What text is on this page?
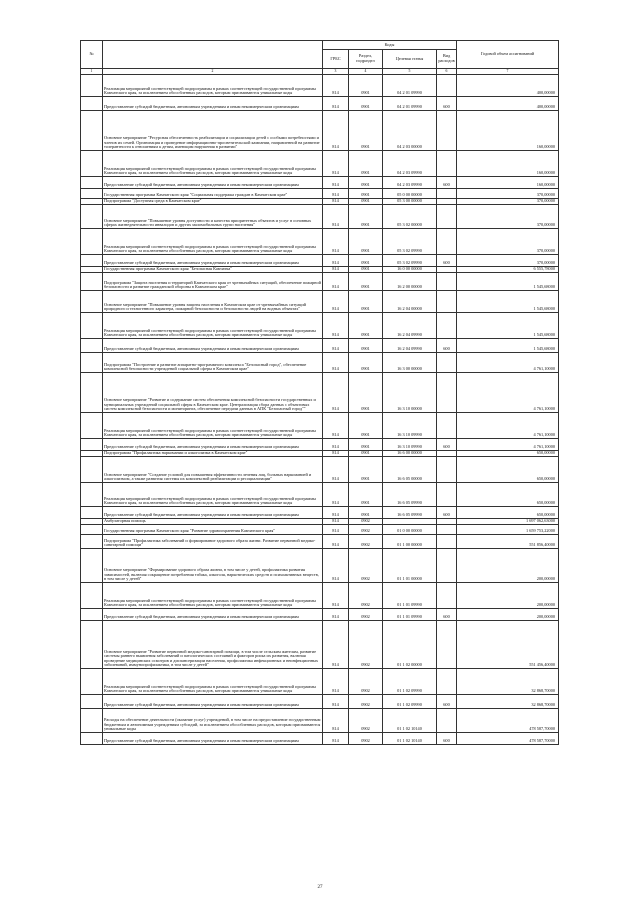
№		Коды				Годовой объем ассигнований
		ГРБС	Раздел, подраздел	Целевая статья	Вид расходов	
1	2	3	4	5	6	7
	Реализация мероприятий соответствующей подпрограммы в рамках соответствующей государственной программы Камчатского края, за исключением обособленных расходов, которым присваиваются уникальные коды	814	0901	04 2 01 09990		400,00000
	Предоставление субсидий бюджетным, автономным учреждениям и иным некоммерческим организациям	814	0901	04 2 01 09990	600	400,00000
	Основное мероприятие "Ресурсная обеспеченность реабилитации и социализации детей с особыми потребностями и членов их семей. Организация и проведение информационно-просветительской кампании, направленной на развитие толерантности к отношениям к детям, имеющим нарушения в развитии"	814	0901	04 2 03 00000		160,00000
	Реализация мероприятий соответствующей подпрограммы в рамках соответствующей государственной программы Камчатского края, за исключением обособленных расходов, которым присваиваются уникальные коды	814	0901	04 2 03 09990		160,00000
	Предоставление субсидий бюджетным, автономным учреждениям и иным некоммерческим организациям	814	0901	04 2 03 09990	600	160,00000
	Государственная программа Камчатского края "Социальная поддержка граждан в Камчатском крае"	814	0901	05 0 00 00000		370,00000
	Подпрограмма "Доступная среда в Камчатском крае"	814	0901	05 3 00 00000		370,00000
	Основное мероприятие "Повышение уровня доступности и качества приоритетных объектов и услуг в основных сферах жизнедеятельности инвалидов и других маломобильных групп населения"	814	0901	05 3 02 00000		370,00000
	Реализация мероприятий соответствующей подпрограммы в рамках соответствующей государственной программы Камчатского края, за исключением обособленных расходов, которым присваиваются уникальные коды	814	0901	05 3 02 09990		370,00000
	Предоставление субсидий бюджетным, автономным учреждениям и иным некоммерческим организациям	814	0901	05 3 02 09990	600	370,00000
	Государственная программа Камчатского края "Безопасная Камчатка"	814	0901	16 0 00 00000		6 555,78000
	Подпрограмма "Защита населения и территорий Камчатского края от чрезвычайных ситуаций, обеспечение пожарной безопасности и развитие гражданской обороны в Камчатском крае"	814	0901	16 2 00 00000		1 545,68000
	Основное мероприятие "Повышение уровня защиты населения в Камчатском крае от чрезвычайных ситуаций природного и техногенного характера, пожарной безопасности и безопасности людей на водных объектах"	814	0901	16 2 04 00000		1 545,68000
	Реализация мероприятий соответствующей подпрограммы в рамках соответствующей государственной программы Камчатского края, за исключением обособленных расходов, которым присваиваются уникальные коды	814	0901	16 2 04 09990		1 545,68000
	Предоставление субсидий бюджетным, автономным учреждениям и иным некоммерческим организациям	814	0901	16 2 04 09990	600	1 545,68000
	Подпрограмма "Построение и развитие аппаратно-программного комплекса "Безопасный город", обеспечение комплексной безопасности учреждений социальной сферы в Камчатском крае"	814	0901	16 3 00 00000		4 761,10000
	Основное мероприятие "Развитие и содержание систем обеспечения комплексной безопасности государственных и муниципальных учреждений социальной сферы в Камчатском крае. Централизация сбора данных с объектовых систем комплексной безопасности и мониторинга, обеспечение передачи данных в АПК "Безопасный город""	814	0901	16 3 10 00000		4 761,10000
	Реализация мероприятий соответствующей подпрограммы в рамках соответствующей государственной программы Камчатского края, за исключением обособленных расходов, которым присваиваются уникальные коды	814	0901	16 3 10 09990		4 761,10000
	Предоставление субсидий бюджетным, автономным учреждениям и иным некоммерческим организациям	814	0901	16 3 10 09990	600	4 761,10000
	Подпрограмма "Профилактика наркомании и алкоголизма в Камчатском крае"	814	0901	16 6 00 00000		650,00000
	Основное мероприятие "Создание условий для повышения эффективности лечения лиц, больных наркоманией и алкоголизмом, а также развития системы их комплексной реабилитации и ресоциализации"	814	0901	16 6 05 00000		650,00000
	Реализация мероприятий соответствующей подпрограммы в рамках соответствующей государственной программы Камчатского края, за исключением обособленных расходов, которым присваиваются уникальные коды	814	0901	16 6 05 09990		650,00000
	Предоставление субсидий бюджетным, автономным учреждениям и иным некоммерческим организациям	814	0901	16 6 05 09990	600	650,00000
	Амбулаторная помощь	814	0902			1 697 062,63000
	Государственная программа Камчатского края "Развитие здравоохранения Камчатского края"	814	0902	01 0 00 00000		1 659 753,22000
	Подпрограмма "Профилактика заболеваний и формирование здорового образа жизни. Развитие первичной медико-санитарной помощи"	814	0902	01 1 00 00000		551 856,40000
	Основное мероприятие "Формирование здорового образа жизни, в том числе у детей, профилактика развития зависимостей, включая сокращение потребления табака, алкоголя, наркотических средств и психоактивных веществ, в том числе у детей"	814	0902	01 1 01 00000		200,00000
	Реализация мероприятий соответствующей подпрограммы в рамках соответствующей государственной программы Камчатского края, за исключением обособленных расходов, которым присваиваются уникальные коды	814	0902	01 1 01 09990		200,00000
	Предоставление субсидий бюджетным, автономным учреждениям и иным некоммерческим организациям	814	0902	01 1 01 09990	600	200,00000
	Основное мероприятие "Развитие первичной медико-санитарной помощи, в том числе сельским жителям, развитие системы раннего выявления заболеваний и патологических состояний и факторов риска их развития, включая проведение медицинских осмотров и диспансеризации населения, профилактика инфекционных и неинфекционных заболеваний, иммунопрофилактика, в том числе у детей"	814	0902	01 1 02 00000		551 456,40000
	Реализация мероприятий соответствующей подпрограммы в рамках соответствующей государственной программы Камчатского края, за исключением обособленных расходов, которым присваиваются уникальные коды	814	0902	01 1 02 09990		32 868,70000
	Предоставление субсидий бюджетным, автономным учреждениям и иным некоммерческим организациям	814	0902	01 1 02 09990	600	32 868,70000
	Расходы на обеспечение деятельности (оказание услуг) учреждений, в том числе на предоставление государственным бюджетным и автономным учреждениям субсидий, за исключением обособленных расходов, которым присваиваются уникальные коды	814	0902	01 1 02 10140		478 587,70000
	Предоставление субсидий бюджетным, автономным учреждениям и иным некоммерческим организациям	814	0902	01 1 02 10140	600	478 587,70000
27
